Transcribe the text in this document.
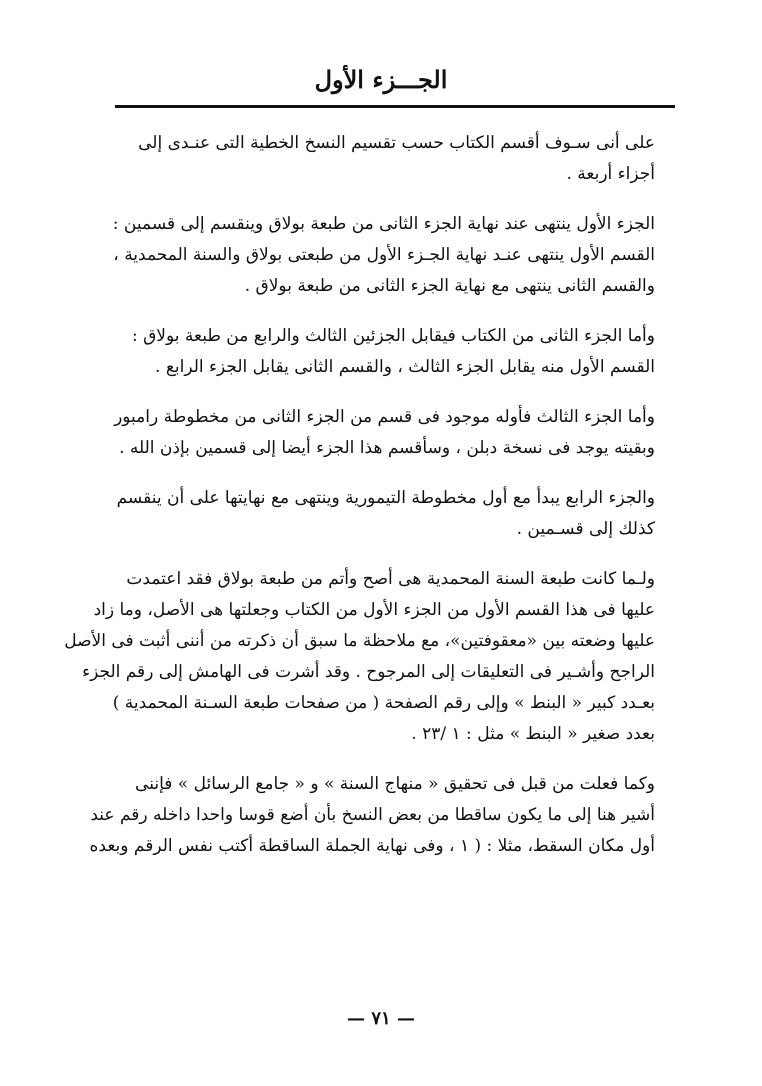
الجـــزء الأول
على أنى سـوف أقسم الكتاب حسب تقسيم النسخ الخطية التى عنـدى إلى
أجزاء أربعة .
الجزء الأول ينتهى عند نهاية الجزء الثانى من طبعة بولاق وينقسم إلى قسمين :
القسم الأول ينتهى عنـد نهاية الجـزء الأول من طبعتى بولاق والسنة المحمدية ،
والقسم الثانى ينتهى مع نهاية الجزء الثانى من طبعة بولاق .
وأما الجزء الثانى من الكتاب فيقابل الجزئين الثالث والرابع من طبعة بولاق :
القسم الأول منه يقابل الجزء الثالث ، والقسم الثانى يقابل الجزء الرابع .
وأما الجزء الثالث فأوله موجود فى قسم من الجزء الثانى من مخطوطة رامبور
وبقيته يوجد فى نسخة دبلن ، وسأقسم هذا الجزء أيضا إلى قسمين بإذن الله .
والجزء الرابع يبدأ مع أول مخطوطة التيمورية وينتهى مع نهايتها على أن ينقسم
كذلك إلى قسـمين .
ولـما كانت طبعة السنة المحمدية هى أصح وأتم من طبعة بولاق فقد اعتمدت
عليها فى هذا القسم الأول من الجزء الأول من الكتاب وجعلتها هى الأصل، وما زاد
عليها وضعته بين «معقوفتين»، مع ملاحظة ما سبق أن ذكرته من أننى أثبت فى الأصل
الراجح وأشـير فى التعليقات إلى المرجوح . وقد أشرت فى الهامش إلى رقم الجزء
بعـدد كبير « البنط » وإلى رقم الصفحة ( من صفحات طبعة السـنة المحمدية )
بعدد صغير « البنط » مثل : ١ /٢٣ .
وكما فعلت من قبل فى تحقيق « منهاج السنة » و « جامع الرسائل » فإننى
أشير هنا إلى ما يكون ساقطا من بعض النسخ بأن أضع قوسا واحدا داخله رقم عند
أول مكان السقط، مثلا : ( ١ ، وفى نهاية الجملة الساقطة أكتب نفس الرقم وبعده
— ٧١ —
